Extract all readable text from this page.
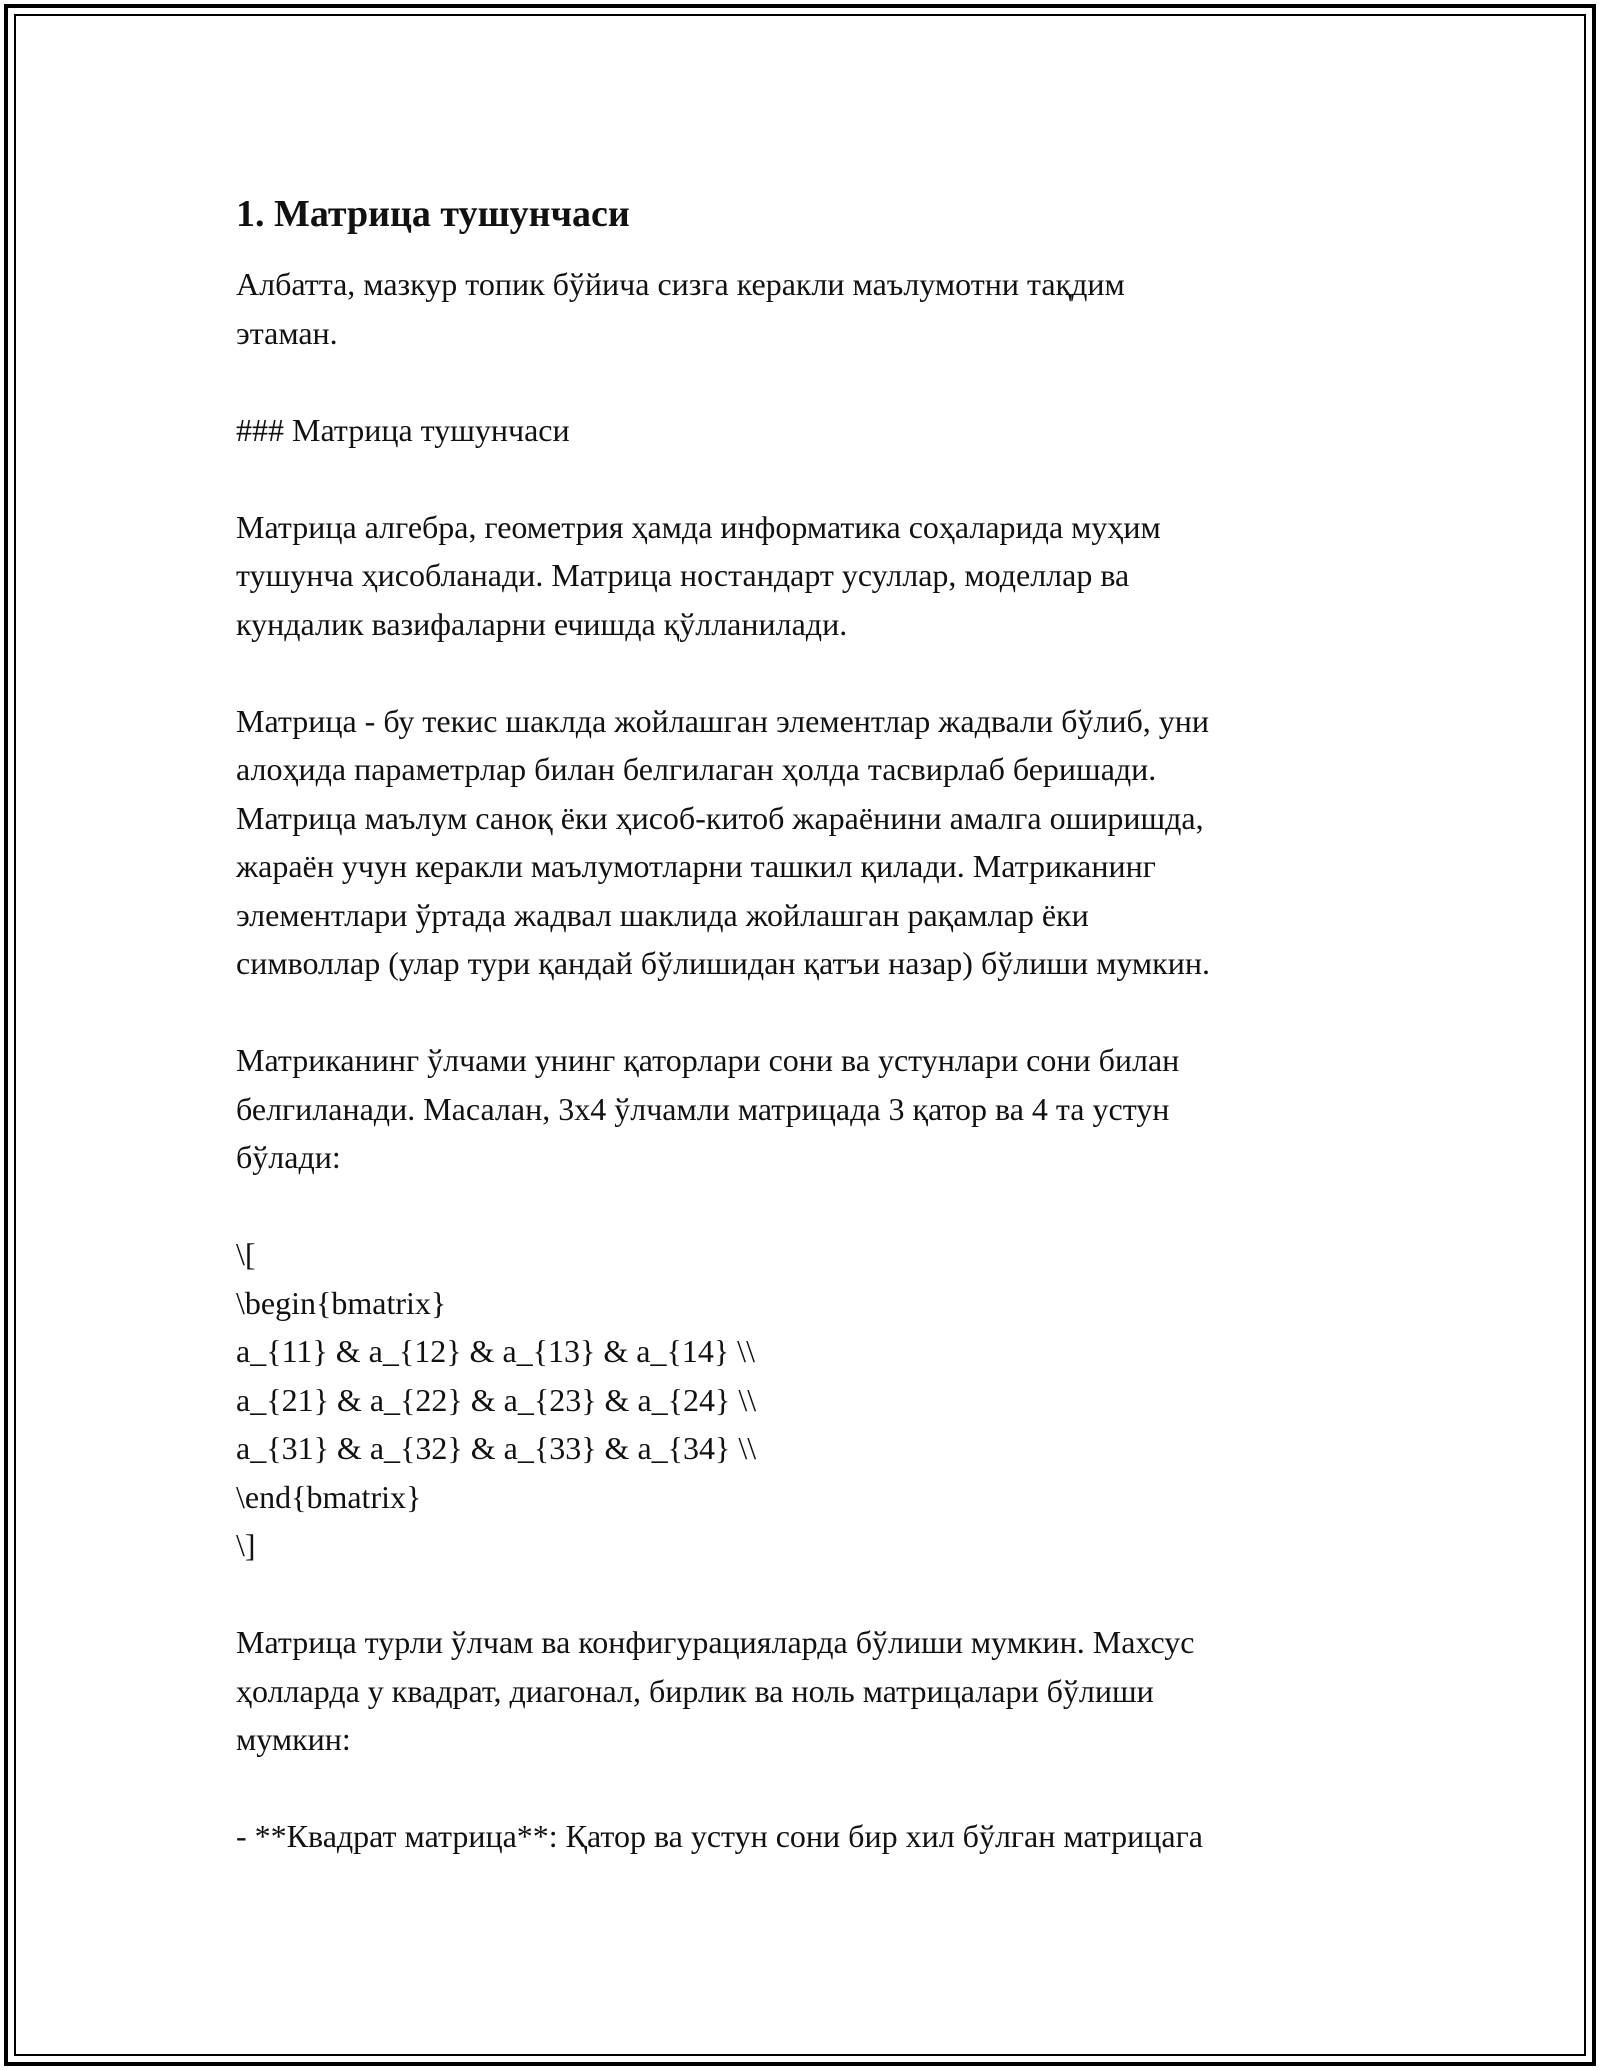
1. Матрица тушунчаси
Албатта, мазкур топик бўйича сизга керакли маълумотни тақдим
этаман.
### Матрица тушунчаси
Матрица алгебра, геометрия ҳамда информатика соҳаларида муҳим
тушунча ҳисобланади. Матрица ностандарт усуллар, моделлар ва
кундалик вазифаларни ечишда қўлланилади.
Матрица - бу текис шаклда жойлашган элементлар жадвали бўлиб, уни
алоҳида параметрлар билан белгилаган ҳолда тасвирлаб беришади.
Матрица маълум саноқ ёки ҳисоб-китоб жараёнини амалга оширишда,
жараён учун керакли маълумотларни ташкил қилади. Матриканинг
элементлари ўртада жадвал шаклида жойлашган рақамлар ёки
символлар (улар тури қандай бўлишидан қатъи назар) бўлиши мумкин.
Матриканинг ўлчами унинг қаторлари сони ва устунлари сони билан
белгиланади. Масалан, 3x4 ўлчамли матрицада 3 қатор ва 4 та устун
бўлади:
\[
\begin{bmatrix}
a_{11} & a_{12} & a_{13} & a_{14} \\
a_{21} & a_{22} & a_{23} & a_{24} \\
a_{31} & a_{32} & a_{33} & a_{34} \\
\end{bmatrix}
\]
Матрица турли ўлчам ва конфигурацияларда бўлиши мумкин. Махсус
ҳолларда у квадрат, диагонал, бирлик ва ноль матрицалари бўлиши
мумкин:
- **Квадрат матрица**: Қатор ва устун сони бир хил бўлган матрицага
